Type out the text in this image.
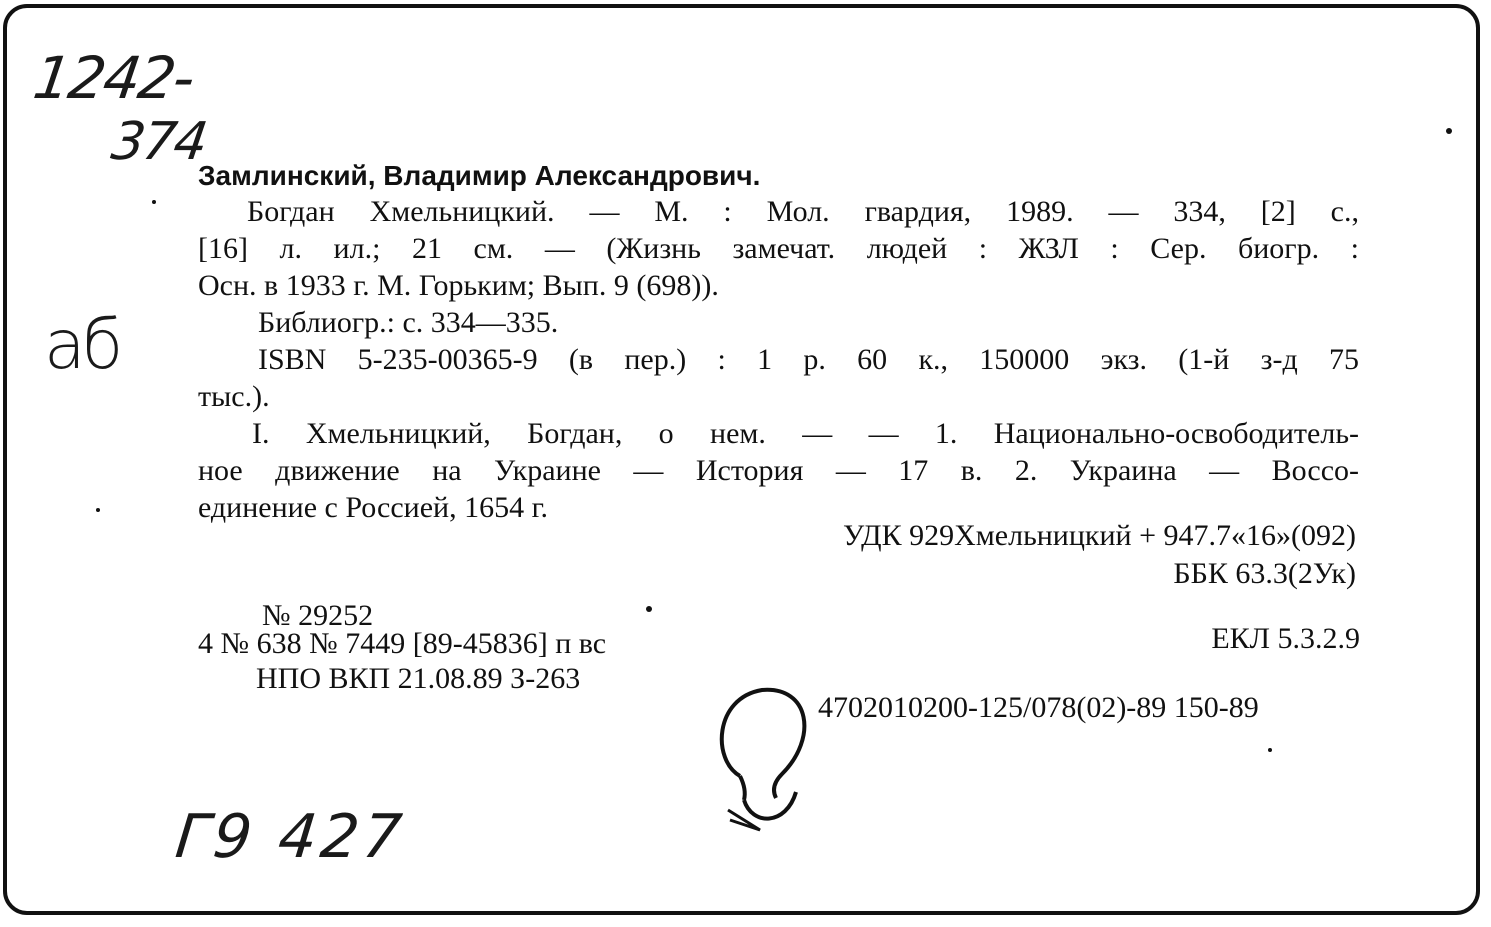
1242-
374
аб
Г9 427
Замлинский, Владимир Александрович.
Богдан Хмельницкий. — М. : Мол. гвардия, 1989. — 334, [2] с.,
[16] л. ил.; 21 см. — (Жизнь замечат. людей : ЖЗЛ : Сер. биогр. :
Осн. в 1933 г. М. Горьким; Вып. 9 (698)).
Библиогр.: с. 334—335.
ISBN 5-235-00365-9 (в пер.) : 1 р. 60 к., 150000 экз. (1-й з-д 75
тыс.).
I. Хмельницкий, Богдан, о нем. — — 1. Национально-освободитель-
ное движение на Украине — История — 17 в. 2. Украина — Воссо-
единение с Россией, 1654 г.
УДК 929Хмельницкий + 947.7«16»(092)
ББК 63.3(2Ук)
№ 29252
4 № 638 № 7449 [89-45836] п вс	ЕКЛ 5.3.2.9
НПО ВКП 21.08.89 З-263
4702010200-125/078(02)-89 150-89
